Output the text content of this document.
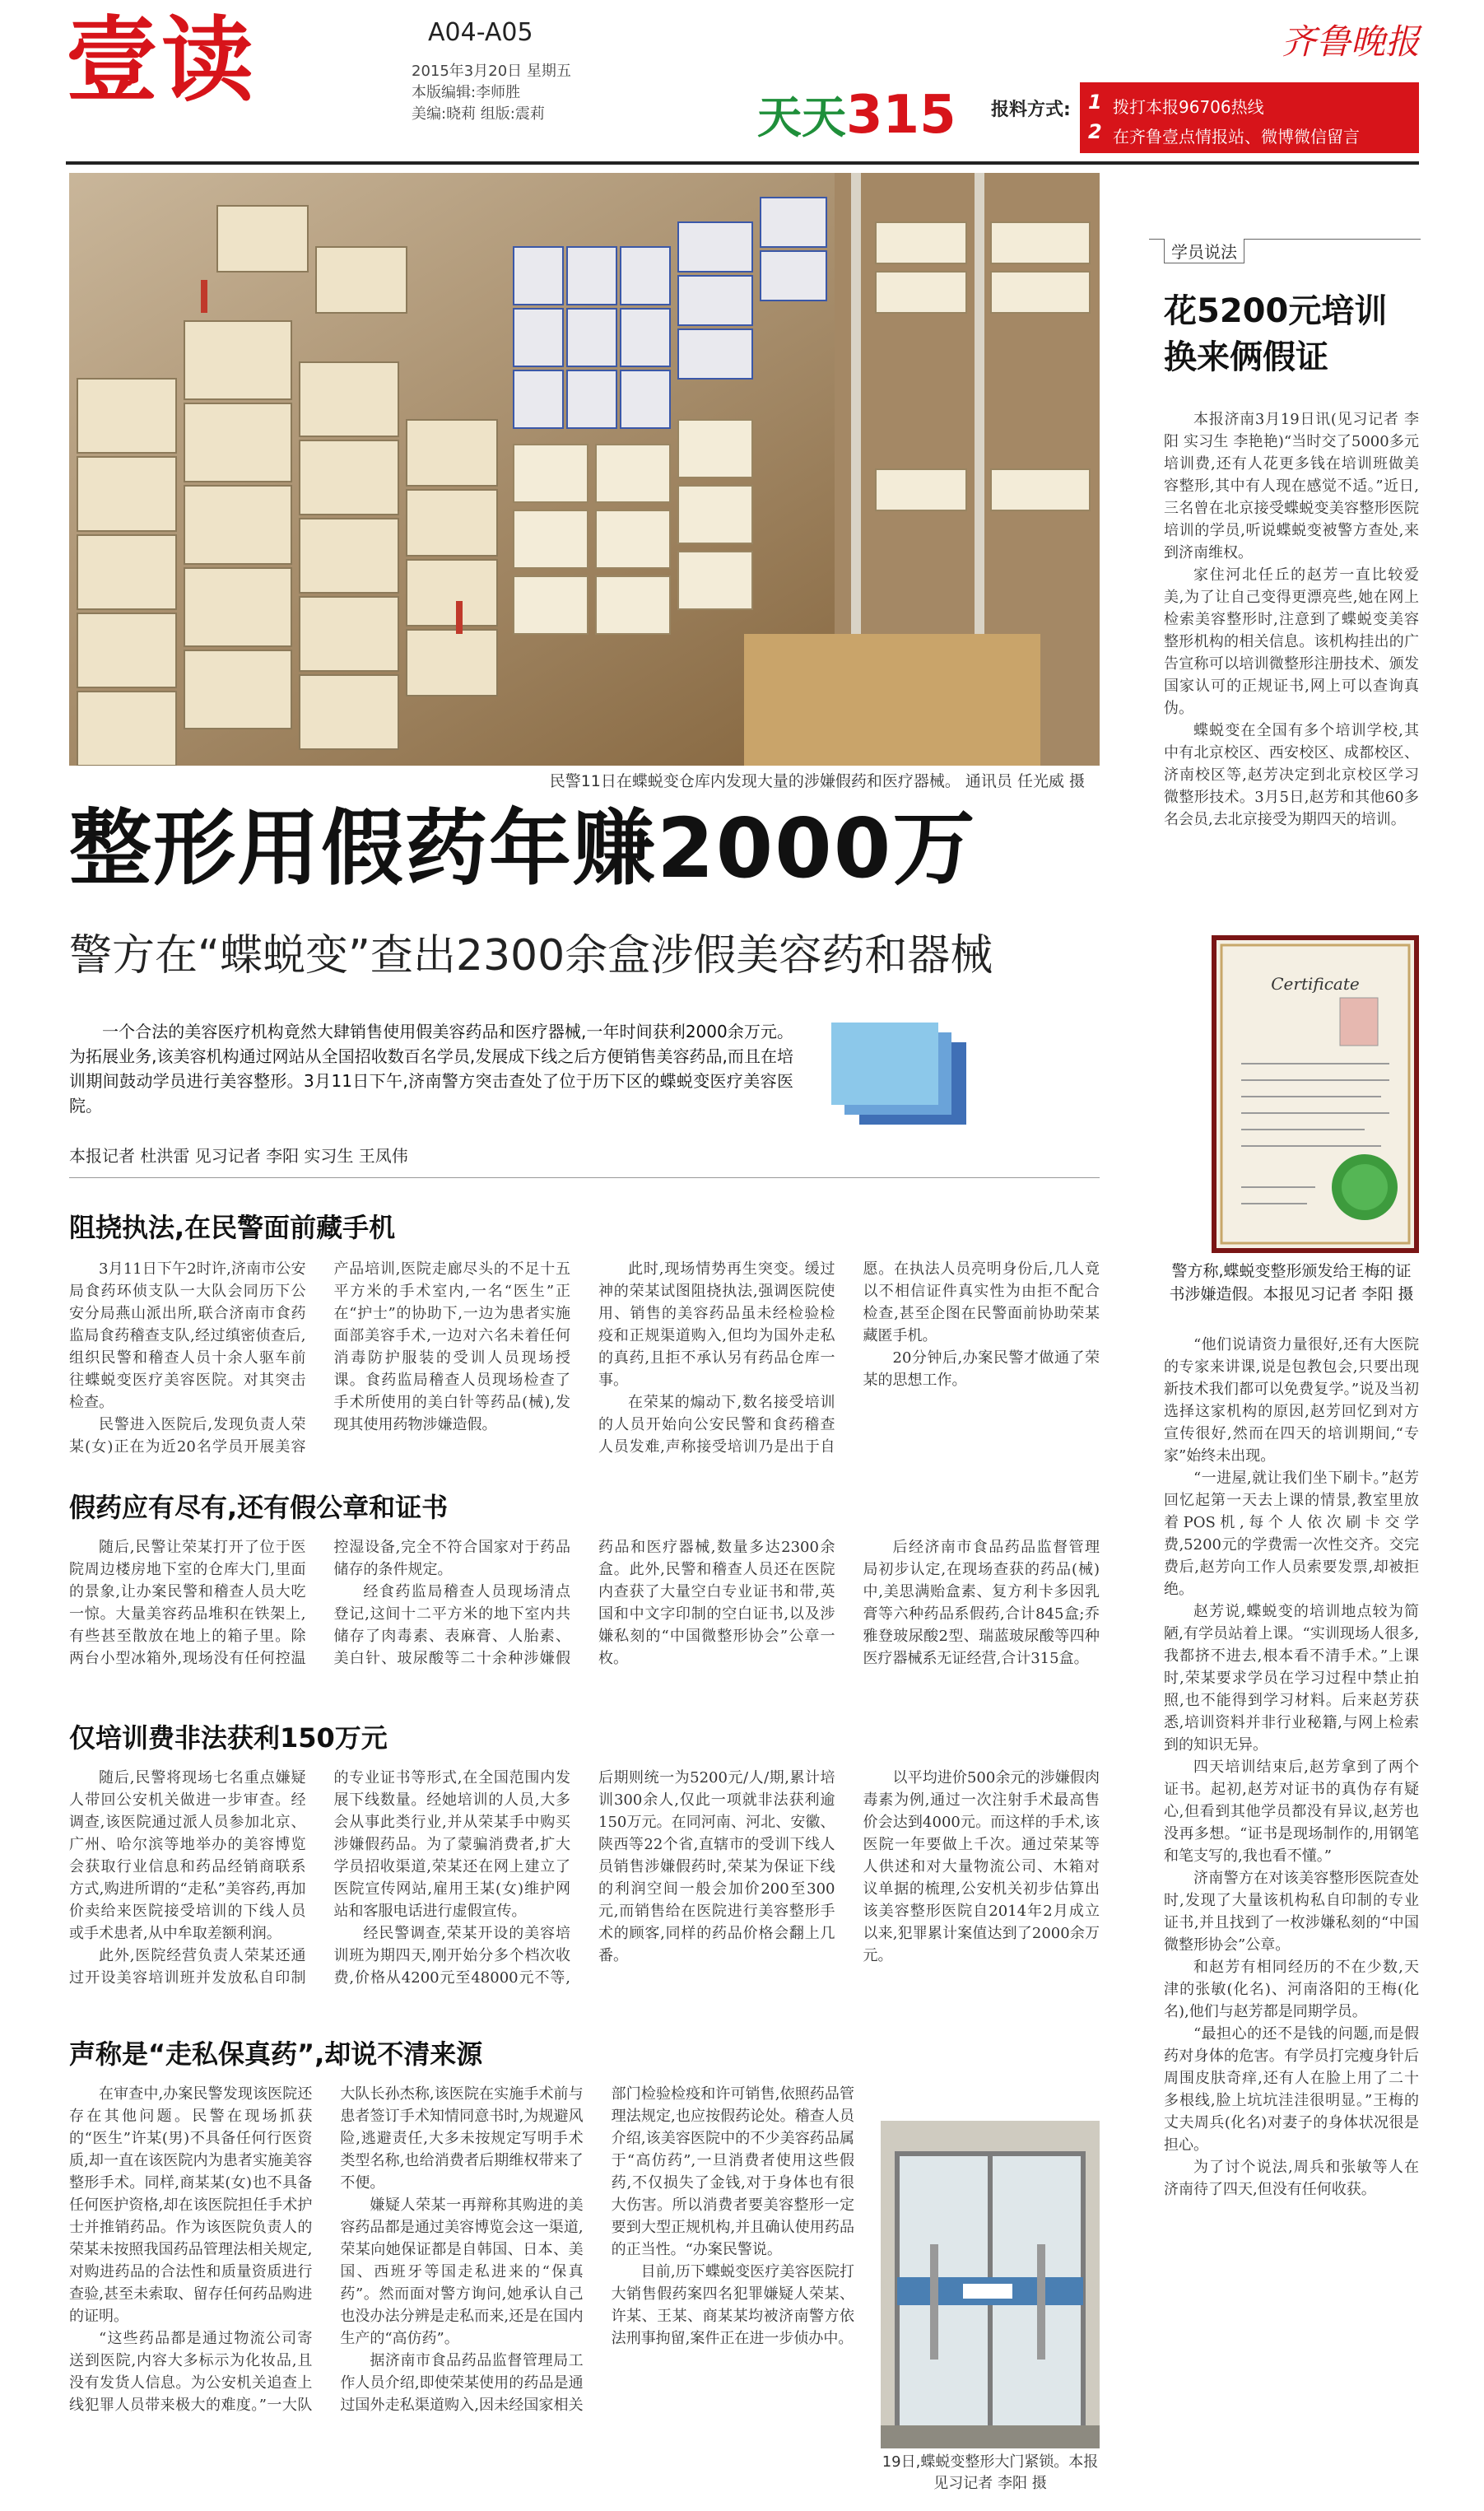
壹读	A04-A05
2015年3月20日 星期五
本版编辑:李师胜
美编:晓莉 组版:震莉
齐鲁晚报
天天315 报料方式: 1 拨打本报96706热线
2 在齐鲁壹点情报站、微博微信留言
民警11日在蝶蜕变仓库内发现大量的涉嫌假药和医疗器械。 通讯员 任光威 摄
整形用假药年赚2000万
警方在“蝶蜕变”查出2300余盒涉假美容药和器械
一个合法的美容医疗机构竟然大肆销售使用假美容药品和医疗器械,一年时间获利2000余万元。为拓展业务,该美容机构通过网站从全国招收数百名学员,发展成下线之后方便销售美容药品,而且在培训期间鼓动学员进行美容整形。3月11日下午,济南警方突击查处了位于历下区的蝶蜕变医疗美容医院。
本报记者 杜洪雷 见习记者 李阳 实习生 王凤伟
阻挠执法,在民警面前藏手机

3月11日下午2时许,济南市公安局食药环侦支队一大队会同历下公安分局燕山派出所,联合济南市食药监局食药稽查支队,经过缜密侦查后,组织民警和稽查人员十余人驱车前往蝶蜕变医疗美容医院。对其突击检查。

民警进入医院后,发现负责人荣某(女)正在为近20名学员开展美容产品培训,医院走廊尽头的不足十五平方米的手术室内,一名“医生”正在“护士”的协助下,一边为患者实施面部美容手术,一边对六名未着任何消毒防护服装的受训人员现场授课。食药监局稽查人员现场检查了手术所使用的美白针等药品(械),发现其使用药物涉嫌造假。

此时,现场情势再生突变。缓过神的荣某试图阻挠执法,强调医院使用、销售的美容药品虽未经检验检疫和正规渠道购入,但均为国外走私的真药,且拒不承认另有药品仓库一事。

在荣某的煽动下,数名接受培训的人员开始向公安民警和食药稽查人员发难,声称接受培训乃是出于自愿。在执法人员亮明身份后,几人竟以不相信证件真实性为由拒不配合检查,甚至企图在民警面前协助荣某藏匿手机。

20分钟后,办案民警才做通了荣某的思想工作。

假药应有尽有,还有假公章和证书

随后,民警让荣某打开了位于医院周边楼房地下室的仓库大门,里面的景象,让办案民警和稽查人员大吃一惊。大量美容药品堆积在铁架上,有些甚至散放在地上的箱子里。除两台小型冰箱外,现场没有任何控温控湿设备,完全不符合国家对于药品储存的条件规定。

经食药监局稽查人员现场清点登记,这间十二平方米的地下室内共储存了肉毒素、表麻膏、人胎素、美白针、玻尿酸等二十余种涉嫌假药品和医疗器械,数量多达2300余盒。此外,民警和稽查人员还在医院内查获了大量空白专业证书和带,英国和中文字印制的空白证书,以及涉嫌私刻的“中国微整形协会”公章一枚。

后经济南市食品药品监督管理局初步认定,在现场查获的药品(械)中,美思满贻盒素、复方利卡多因乳膏等六种药品系假药,合计845盒;乔雅登玻尿酸2型、瑞蓝玻尿酸等四种医疗器械系无证经营,合计315盒。

仅培训费非法获利150万元

随后,民警将现场七名重点嫌疑人带回公安机关做进一步审查。经调查,该医院通过派人员参加北京、广州、哈尔滨等地举办的美容博览会获取行业信息和药品经销商联系方式,购进所谓的“走私”美容药,再加价卖给来医院接受培训的下线人员或手术患者,从中牟取差额利润。

此外,医院经营负责人荣某还通过开设美容培训班并发放私自印制的专业证书等形式,在全国范围内发展下线数量。经她培训的人员,大多会从事此类行业,并从荣某手中购买涉嫌假药品。为了蒙骗消费者,扩大学员招收渠道,荣某还在网上建立了医院宣传网站,雇用王某(女)维护网站和客服电话进行虚假宣传。

经民警调查,荣某开设的美容培训班为期四天,刚开始分多个档次收费,价格从4200元至48000元不等,后期则统一为5200元/人/期,累计培训300余人,仅此一项就非法获利逾150万元。在同河南、河北、安徽、陕西等22个省,直辖市的受训下线人员销售涉嫌假药时,荣某为保证下线的利润空间一般会加价200至300元,而销售给在医院进行美容整形手术的顾客,同样的药品价格会翻上几番。

以平均进价500余元的涉嫌假肉毒素为例,通过一次注射手术最高售价会达到4000元。而这样的手术,该医院一年要做上千次。通过荣某等人供述和对大量物流公司、木箱对议单据的梳理,公安机关初步估算出该美容整形医院自2014年2月成立以来,犯罪累计案值达到了2000余万元。

声称是“走私保真药”,却说不清来源

在审查中,办案民警发现该医院还存在其他问题。民警在现场抓获的“医生”许某(男)不具备任何行医资质,却一直在该医院内为患者实施美容整形手术。同样,商某某(女)也不具备任何医护资格,却在该医院担任手术护士并推销药品。作为该医院负责人的荣某未按照我国药品管理法相关规定,对购进药品的合法性和质量资质进行查验,甚至未索取、留存任何药品购进的证明。

“这些药品都是通过物流公司寄送到医院,内容大多标示为化妆品,且没有发货人信息。为公安机关追查上线犯罪人员带来极大的难度。”一大队大队长孙杰称,该医院在实施手术前与患者签订手术知情同意书时,为规避风险,逃避责任,大多未按规定写明手术类型名称,也给消费者后期维权带来了不便。

嫌疑人荣某一再辩称其购进的美容药品都是通过美容博览会这一渠道,荣某向她保证都是自韩国、日本、美国、西班牙等国走私进来的“保真药”。然而面对警方询问,她承认自己也没办法分辨是走私而来,还是在国内生产的“高仿药”。

据济南市食品药品监督管理局工作人员介绍,即使荣某使用的药品是通过国外走私渠道购入,因未经国家相关部门检验检疫和许可销售,依照药品管理法规定,也应按假药论处。稽查人员介绍,该美容医院中的不少美容药品属于“高仿药”,一旦消费者使用这些假药,不仅损失了金钱,对于身体也有很大伤害。所以消费者要美容整形一定要到大型正规机构,并且确认使用药品的正当性。“办案民警说。

目前,历下蝶蜕变医疗美容医院打大销售假药案四名犯罪嫌疑人荣某、许某、王某、商某某均被济南警方依法刑事拘留,案件正在进一步侦办中。

19日,蝶蜕变整形大门紧锁。本报见习记者 李阳 摄
学员说法
花5200元培训换来俩假证

本报济南3月19日讯(见习记者 李阳 实习生 李艳艳)“当时交了5000多元培训费,还有人花更多钱在培训班做美容整形,其中有人现在感觉不适。”近日,三名曾在北京接受蝶蜕变美容整形医院培训的学员,听说蝶蜕变被警方查处,来到济南维权。

家住河北任丘的赵芳一直比较爱美,为了让自己变得更漂亮些,她在网上检索美容整形时,注意到了蝶蜕变美容整形机构的相关信息。该机构挂出的广告宣称可以培训微整形注册技术、颁发国家认可的正规证书,网上可以查询真伪。

蝶蜕变在全国有多个培训学校,其中有北京校区、西安校区、成都校区、济南校区等,赵芳决定到北京校区学习微整形技术。3月5日,赵芳和其他60多名会员,去北京接受为期四天的培训。

Certificate
警方称,蝶蜕变整形颁发给王梅的证书涉嫌造假。本报见习记者 李阳 摄

“他们说请资力量很好,还有大医院的专家来讲课,说是包教包会,只要出现新技术我们都可以免费复学。”说及当初选择这家机构的原因,赵芳回忆到对方宣传很好,然而在四天的培训期间,“专家”始终未出现。

“一进屋,就让我们坐下刷卡。”赵芳回忆起第一天去上课的情景,教室里放着POS机,每个人依次刷卡交学费,5200元的学费需一次性交齐。交完费后,赵芳向工作人员索要发票,却被拒绝。

赵芳说,蝶蜕变的培训地点较为简陋,有学员站着上课。“实训现场人很多,我都挤不进去,根本看不清手术。”上课时,荣某要求学员在学习过程中禁止拍照,也不能得到学习材料。后来赵芳获悉,培训资料并非行业秘籍,与网上检索到的知识无异。

四天培训结束后,赵芳拿到了两个证书。起初,赵芳对证书的真伪存有疑心,但看到其他学员都没有异议,赵芳也没再多想。“证书是现场制作的,用钢笔和笔支写的,我也看不懂。”

济南警方在对该美容整形医院查处时,发现了大量该机构私自印制的专业证书,并且找到了一枚涉嫌私刻的“中国微整形协会”公章。

和赵芳有相同经历的不在少数,天津的张敏(化名)、河南洛阳的王梅(化名),他们与赵芳都是同期学员。

“最担心的还不是钱的问题,而是假药对身体的危害。有学员打完瘦身针后周围皮肤奇痒,还有人在脸上用了二十多根线,脸上坑坑洼洼很明显。”王梅的丈夫周兵(化名)对妻子的身体状况很是担心。

为了讨个说法,周兵和张敏等人在济南待了四天,但没有任何收获。
